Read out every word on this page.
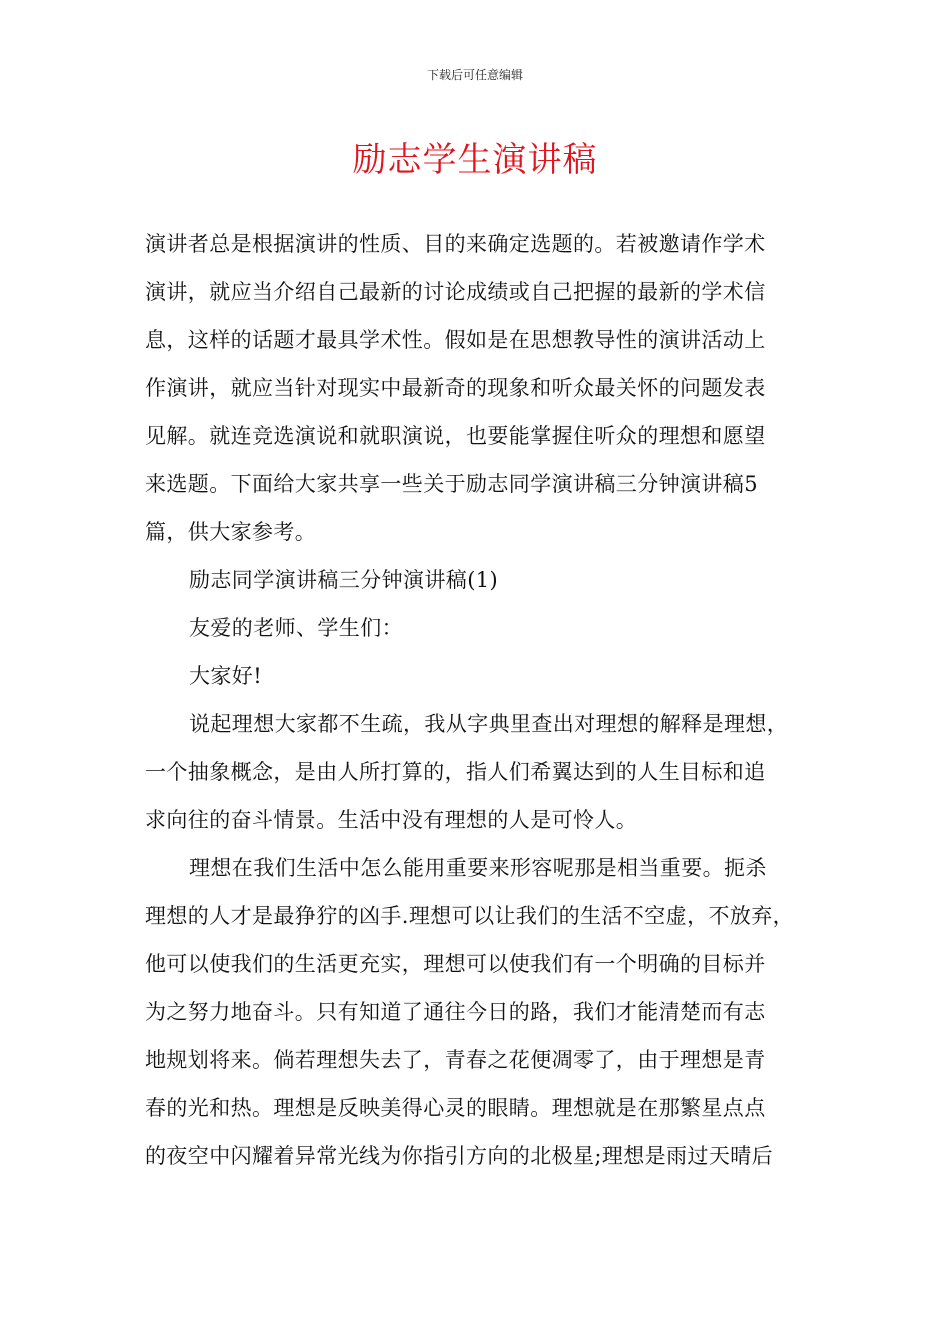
下载后可任意编辑
励志学生演讲稿
演讲者总是根据演讲的性质、目的来确定选题的。若被邀请作学术
演讲，就应当介绍自己最新的讨论成绩或自己把握的最新的学术信
息，这样的话题才最具学术性。假如是在思想教导性的演讲活动上
作演讲，就应当针对现实中最新奇的现象和听众最关怀的问题发表
见解。就连竞选演说和就职演说，也要能掌握住听众的理想和愿望
来选题。下面给大家共享一些关于励志同学演讲稿三分钟演讲稿5
篇，供大家参考。
励志同学演讲稿三分钟演讲稿(1)
友爱的老师、学生们：
大家好!
说起理想大家都不生疏，我从字典里查出对理想的解释是理想，
一个抽象概念，是由人所打算的，指人们希翼达到的人生目标和追
求向往的奋斗情景。生活中没有理想的人是可怜人。
理想在我们生活中怎么能用重要来形容呢那是相当重要。扼杀
理想的人才是最狰狞的凶手.理想可以让我们的生活不空虚，不放弃，
他可以使我们的生活更充实，理想可以使我们有一个明确的目标并
为之努力地奋斗。只有知道了通往今日的路，我们才能清楚而有志
地规划将来。倘若理想失去了，青春之花便凋零了，由于理想是青
春的光和热。理想是反映美得心灵的眼睛。理想就是在那繁星点点
的夜空中闪耀着异常光线为你指引方向的北极星;理想是雨过天晴后
